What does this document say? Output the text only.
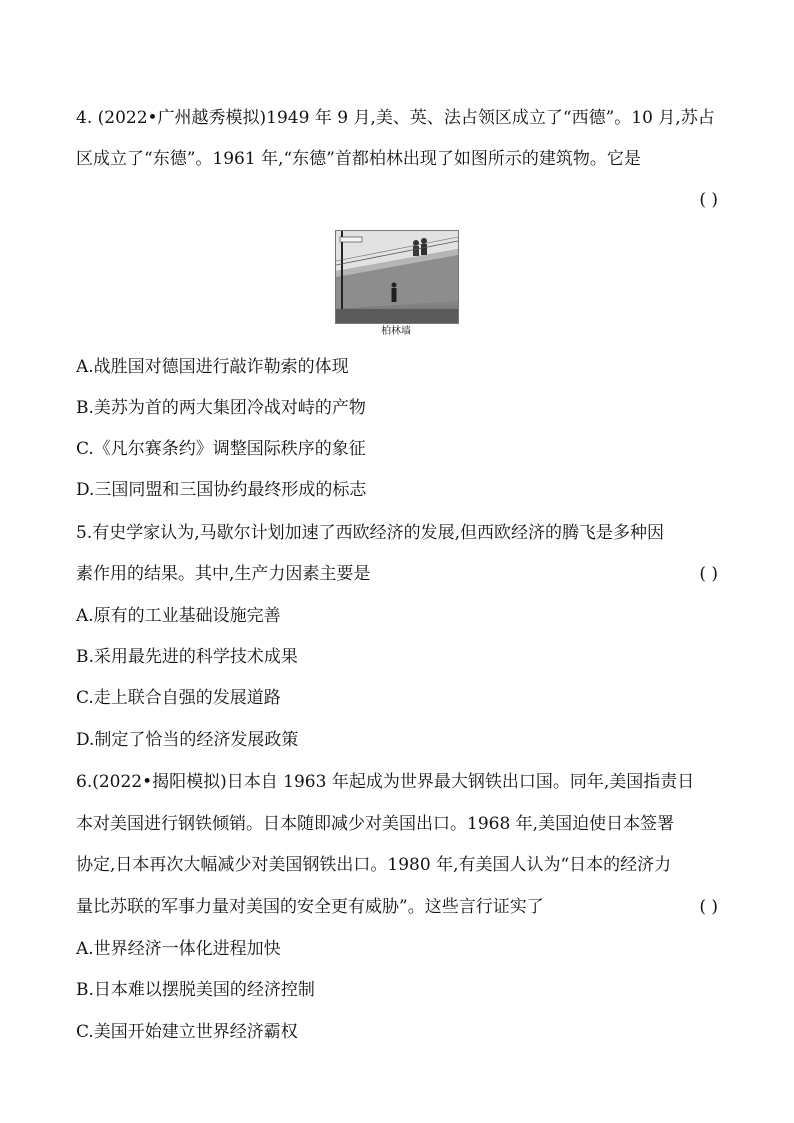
4. (2022•广州越秀模拟)1949 年 9 月,美、英、法占领区成立了“西德”。10 月,苏占
区成立了“东德”。1961 年,“东德”首都柏林出现了如图所示的建筑物。它是
( )
柏林墙
A.战胜国对德国进行敲诈勒索的体现
B.美苏为首的两大集团冷战对峙的产物
C.《凡尔赛条约》调整国际秩序的象征
D.三国同盟和三国协约最终形成的标志
5.有史学家认为,马歇尔计划加速了西欧经济的发展,但西欧经济的腾飞是多种因
素作用的结果。其中,生产力因素主要是	( )
A.原有的工业基础设施完善
B.采用最先进的科学技术成果
C.走上联合自强的发展道路
D.制定了恰当的经济发展政策
6.(2022•揭阳模拟)日本自 1963 年起成为世界最大钢铁出口国。同年,美国指责日
本对美国进行钢铁倾销。日本随即减少对美国出口。1968 年,美国迫使日本签署
协定,日本再次大幅减少对美国钢铁出口。1980 年,有美国人认为“日本的经济力
量比苏联的军事力量对美国的安全更有威胁”。这些言行证实了	( )
A.世界经济一体化进程加快
B.日本难以摆脱美国的经济控制
C.美国开始建立世界经济霸权
